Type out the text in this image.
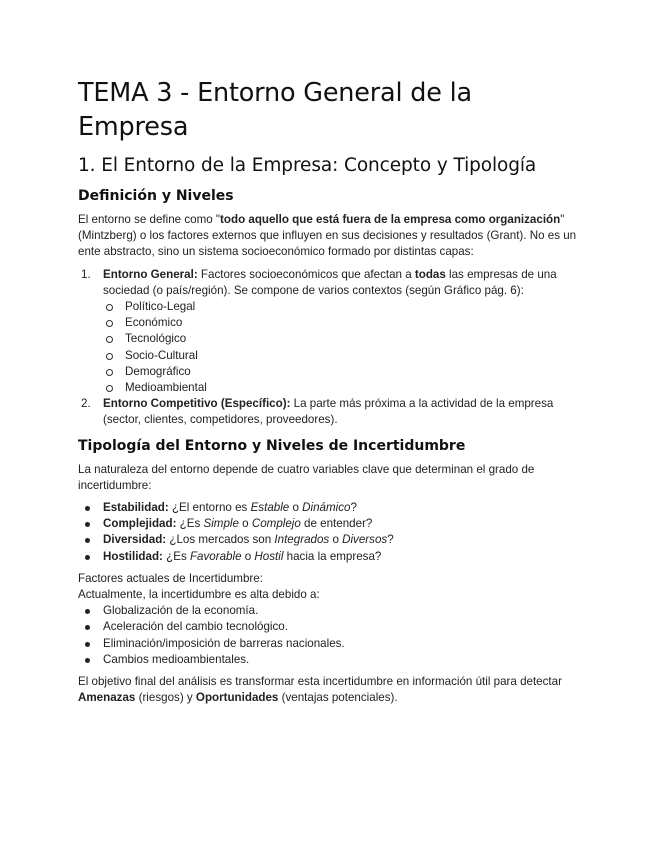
TEMA 3 - Entorno General de la Empresa
1. El Entorno de la Empresa: Concepto y Tipología
Definición y Niveles

El entorno se define como "todo aquello que está fuera de la empresa como organización" (Mintzberg) o los factores externos que influyen en sus decisiones y resultados (Grant). No es un ente abstracto, sino un sistema socioeconómico formado por distintas capas:

1. Entorno General: Factores socioeconómicos que afectan a todas las empresas de una sociedad (o país/región). Se compone de varios contextos (según Gráfico pág. 6):
Político-Legal
Económico
Tecnológico
Socio-Cultural
Demográfico
Medioambiental
2. Entorno Competitivo (Específico): La parte más próxima a la actividad de la empresa (sector, clientes, competidores, proveedores).
Tipología del Entorno y Niveles de Incertidumbre

La naturaleza del entorno depende de cuatro variables clave que determinan el grado de incertidumbre:

Estabilidad: ¿El entorno es Estable o Dinámico?
Complejidad: ¿Es Simple o Complejo de entender?
Diversidad: ¿Los mercados son Integrados o Diversos?
Hostilidad: ¿Es Favorable o Hostil hacia la empresa?

Factores actuales de Incertidumbre:

Actualmente, la incertidumbre es alta debido a:

Globalización de la economía.
Aceleración del cambio tecnológico.
Eliminación/imposición de barreras nacionales.
Cambios medioambientales.

El objetivo final del análisis es transformar esta incertidumbre en información útil para detectar Amenazas (riesgos) y Oportunidades (ventajas potenciales).
